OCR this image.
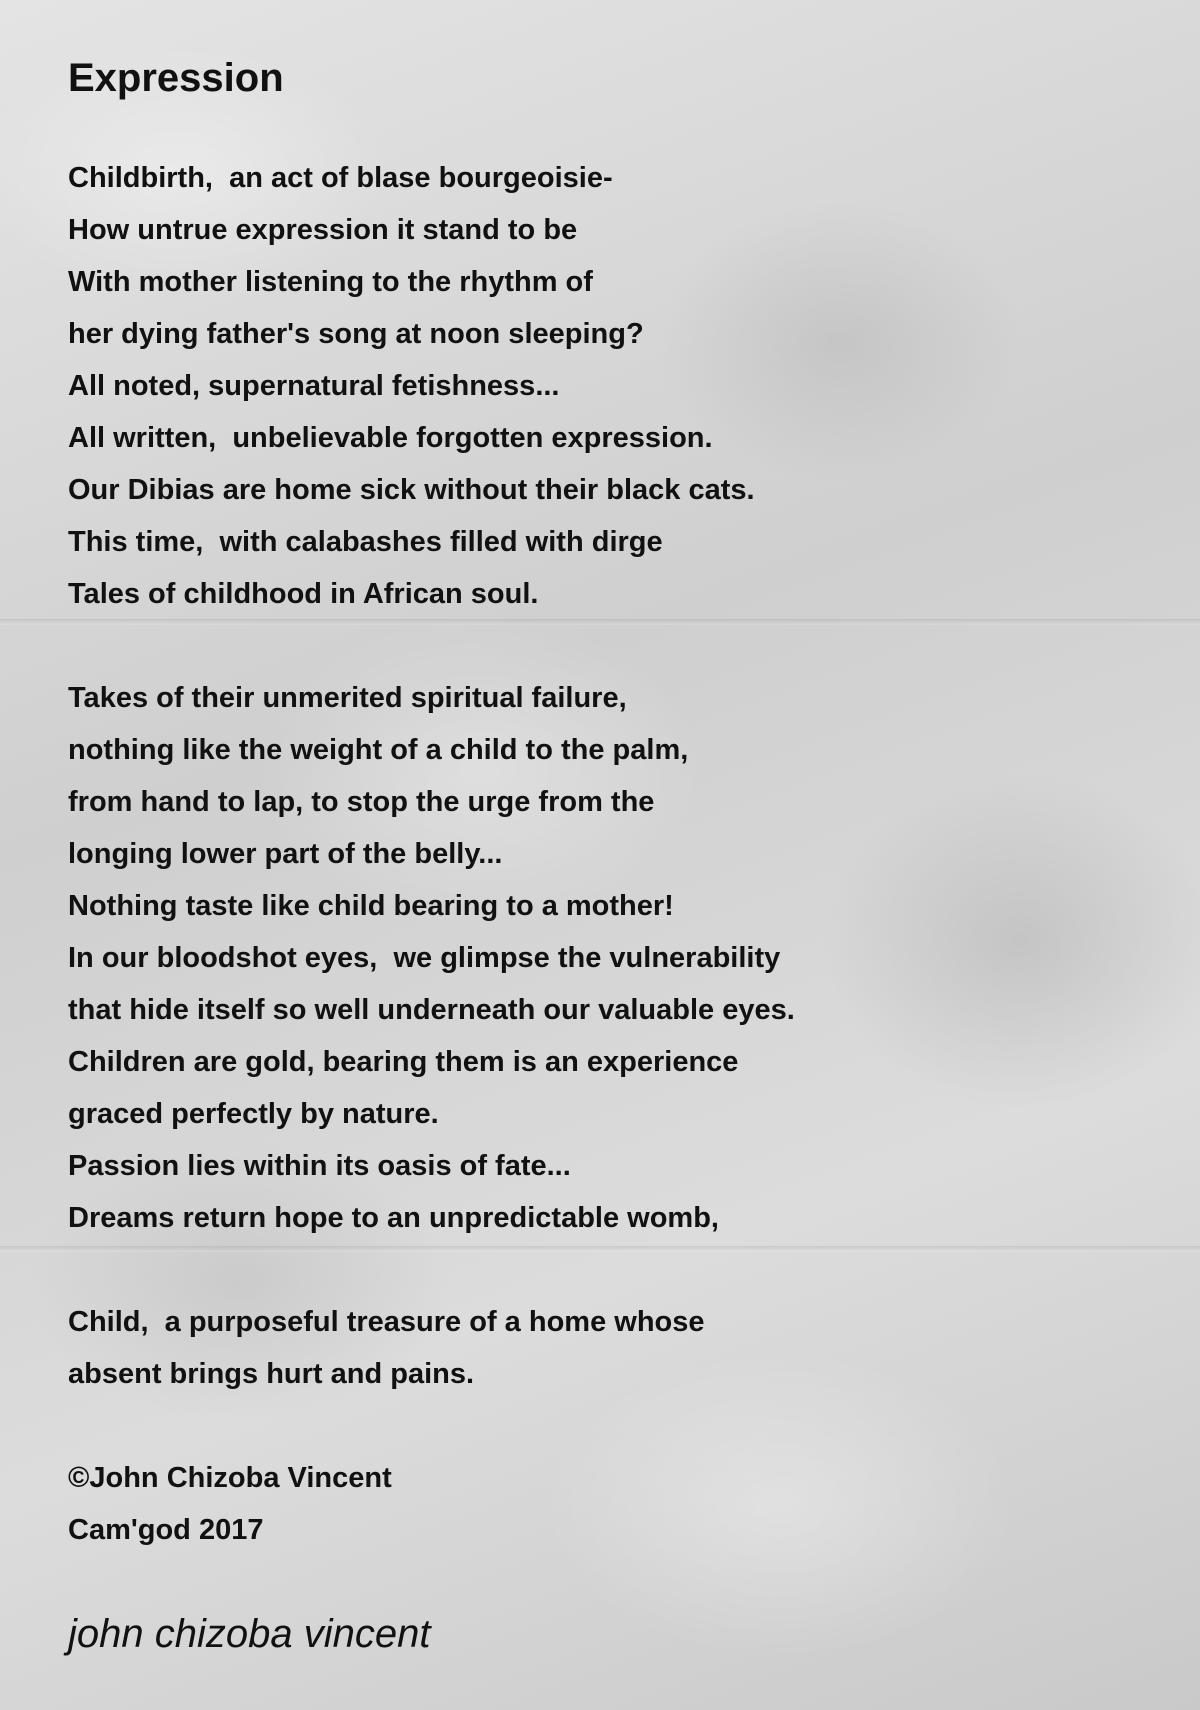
Expression
Childbirth,  an act of blase bourgeoisie-
How untrue expression it stand to be
With mother listening to the rhythm of
her dying father's song at noon sleeping?
All noted, supernatural fetishness...
All written,  unbelievable forgotten expression.
Our Dibias are home sick without their black cats.
This time,  with calabashes filled with dirge
Tales of childhood in African soul.
Takes of their unmerited spiritual failure,
nothing like the weight of a child to the palm,
from hand to lap, to stop the urge from the
longing lower part of the belly...
Nothing taste like child bearing to a mother!
In our bloodshot eyes,  we glimpse the vulnerability
that hide itself so well underneath our valuable eyes.
Children are gold, bearing them is an experience
graced perfectly by nature.
Passion lies within its oasis of fate...
Dreams return hope to an unpredictable womb,
Child,  a purposeful treasure of a home whose
absent brings hurt and pains.
©John Chizoba Vincent
Cam'god 2017
john chizoba vincent
